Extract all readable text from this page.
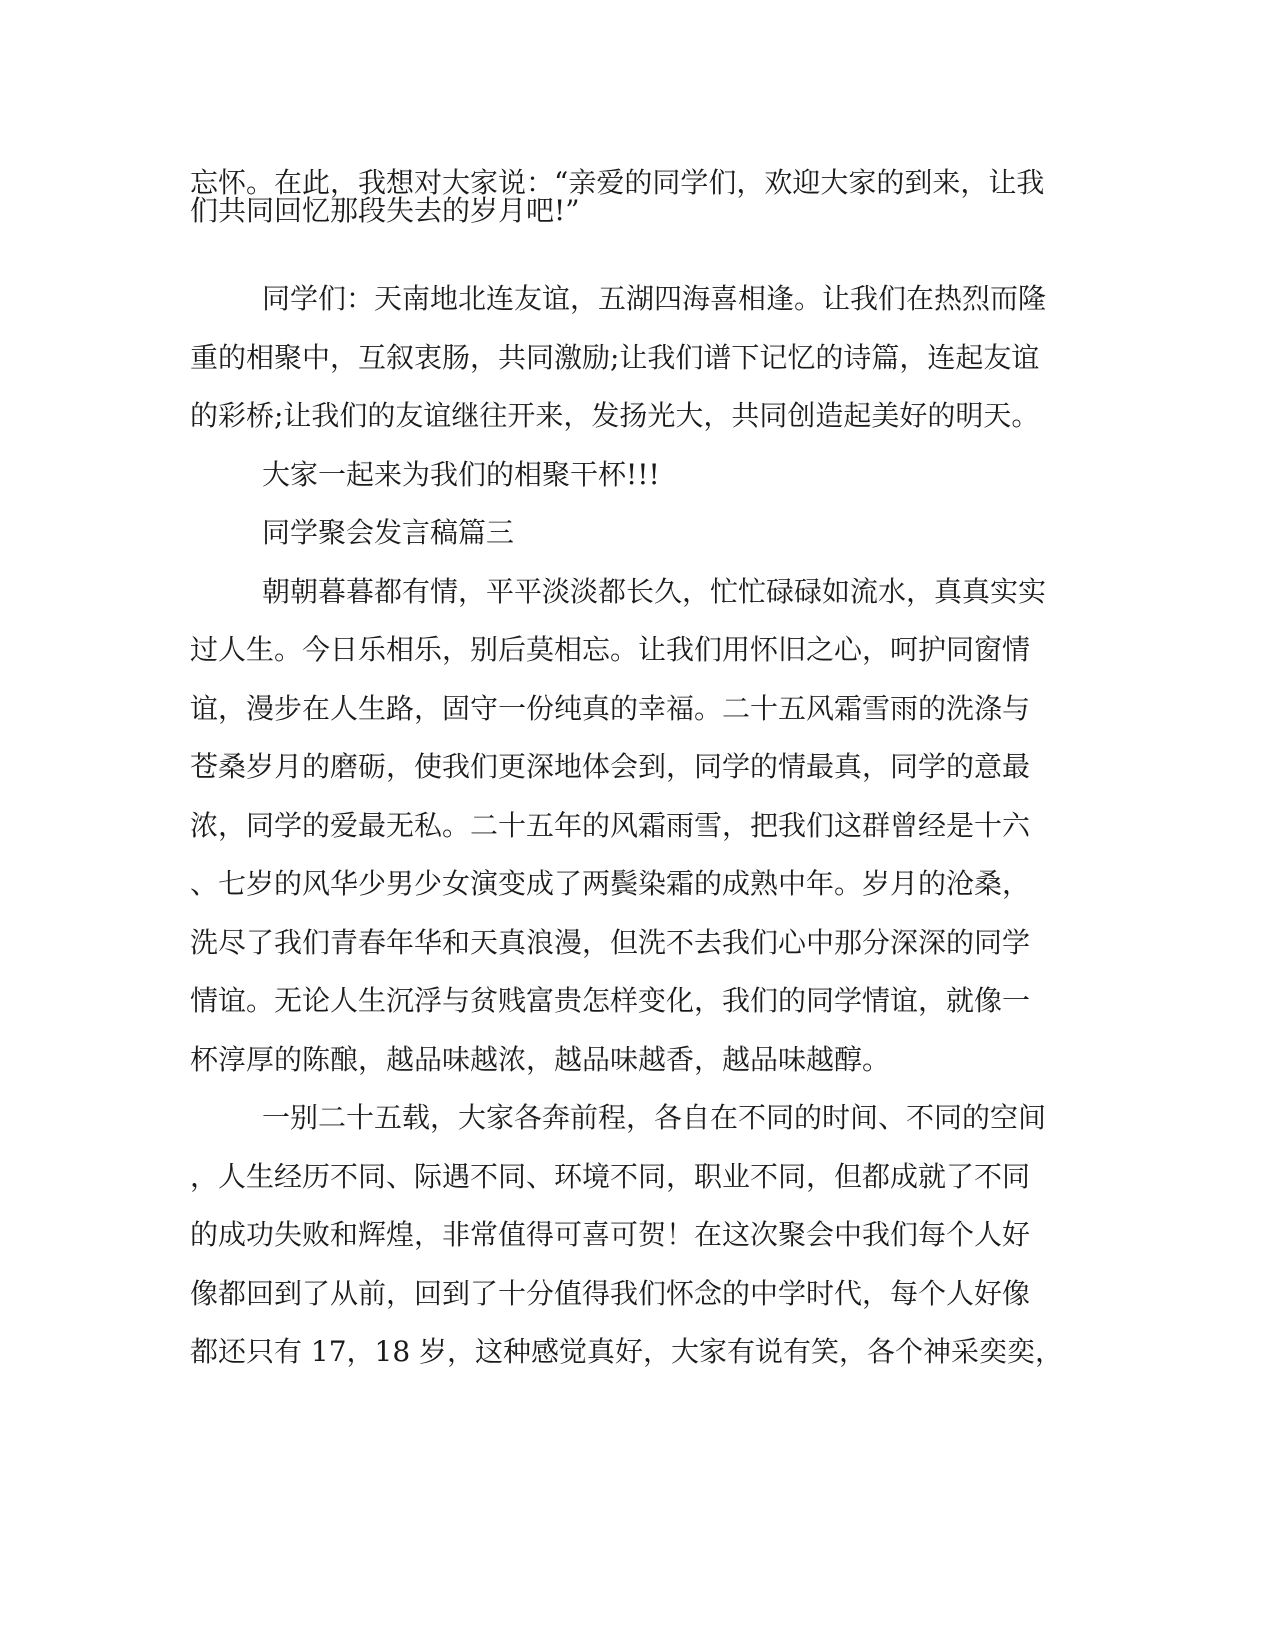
忘怀。在此，我想对大家说：“亲爱的同学们，欢迎大家的到来，让我
们共同回忆那段失去的岁月吧!”
同学们：天南地北连友谊，五湖四海喜相逢。让我们在热烈而隆
重的相聚中，互叙衷肠，共同激励;让我们谱下记忆的诗篇，连起友谊
的彩桥;让我们的友谊继往开来，发扬光大，共同创造起美好的明天。
大家一起来为我们的相聚干杯!!!
同学聚会发言稿篇三
朝朝暮暮都有情，平平淡淡都长久，忙忙碌碌如流水，真真实实
过人生。今日乐相乐，别后莫相忘。让我们用怀旧之心，呵护同窗情
谊，漫步在人生路，固守一份纯真的幸福。二十五风霜雪雨的洗涤与
苍桑岁月的磨砺，使我们更深地体会到，同学的情最真，同学的意最
浓，同学的爱最无私。二十五年的风霜雨雪，把我们这群曾经是十六
、七岁的风华少男少女演变成了两鬓染霜的成熟中年。岁月的沧桑，
洗尽了我们青春年华和天真浪漫，但洗不去我们心中那分深深的同学
情谊。无论人生沉浮与贫贱富贵怎样变化，我们的同学情谊，就像一
杯淳厚的陈酿，越品味越浓，越品味越香，越品味越醇。
一别二十五载，大家各奔前程，各自在不同的时间、不同的空间
，人生经历不同、际遇不同、环境不同，职业不同，但都成就了不同
的成功失败和辉煌，非常值得可喜可贺！在这次聚会中我们每个人好
像都回到了从前，回到了十分值得我们怀念的中学时代，每个人好像
都还只有 17，18 岁，这种感觉真好，大家有说有笑，各个神采奕奕，
